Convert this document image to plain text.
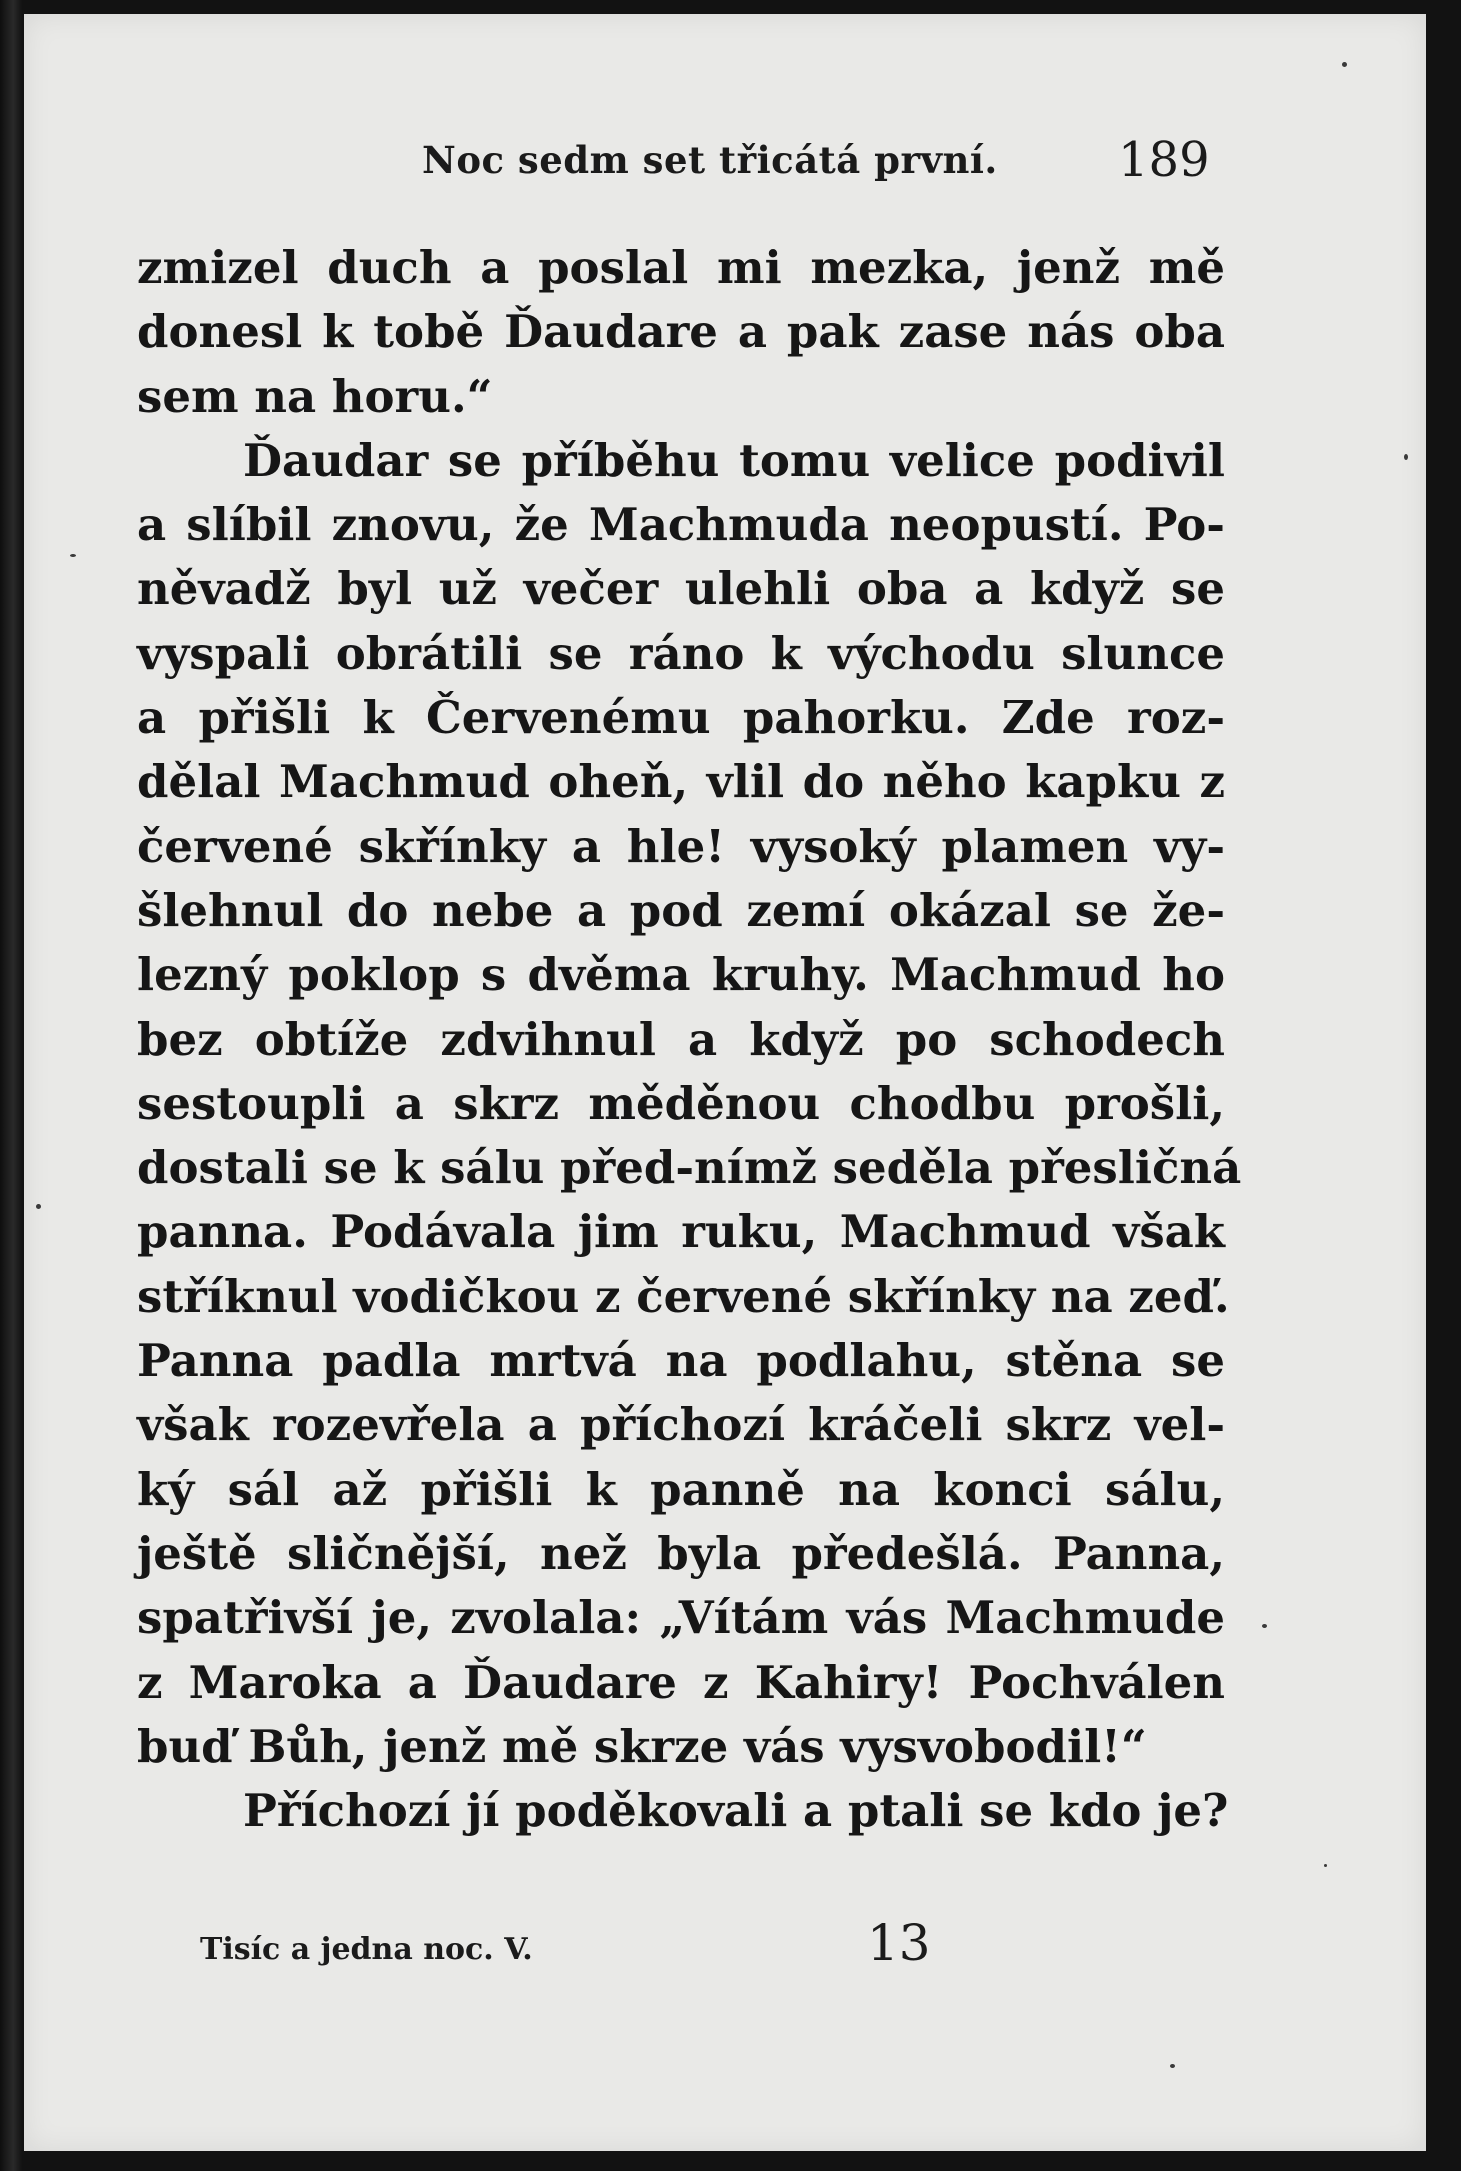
Noc sedm set třicátá první.	189
zmizel duch a poslal mi mezka, jenž mě
donesl k tobě Ďaudare a pak zase nás oba
sem na horu.“
Ďaudar se příběhu tomu velice podivil
a slíbil znovu, že Machmuda neopustí. Po-
něvadž byl už večer ulehli oba a když se
vyspali obrátili se ráno k východu slunce
a přišli k Červenému pahorku. Zde roz-
dělal Machmud oheň, vlil do něho kapku z
červené skřínky a hle! vysoký plamen vy-
šlehnul do nebe a pod zemí okázal se že-
lezný poklop s dvěma kruhy. Machmud ho
bez obtíže zdvihnul a když po schodech
sestoupli a skrz měděnou chodbu prošli,
dostali se k sálu před-nímž seděla přesličná
panna. Podávala jim ruku, Machmud však
stříknul vodičkou z červené skřínky na zeď.
Panna padla mrtvá na podlahu, stěna se
však rozevřela a příchozí kráčeli skrz vel-
ký sál až přišli k panně na konci sálu,
ještě sličnější, než byla předešlá. Panna,
spatřivší je, zvolala: „Vítám vás Machmude
z Maroka a Ďaudare z Kahiry! Pochválen
buď Bůh, jenž mě skrze vás vysvobodil!“
Příchozí jí poděkovali a ptali se kdo je?
Tisíc a jedna noc. V.	13
